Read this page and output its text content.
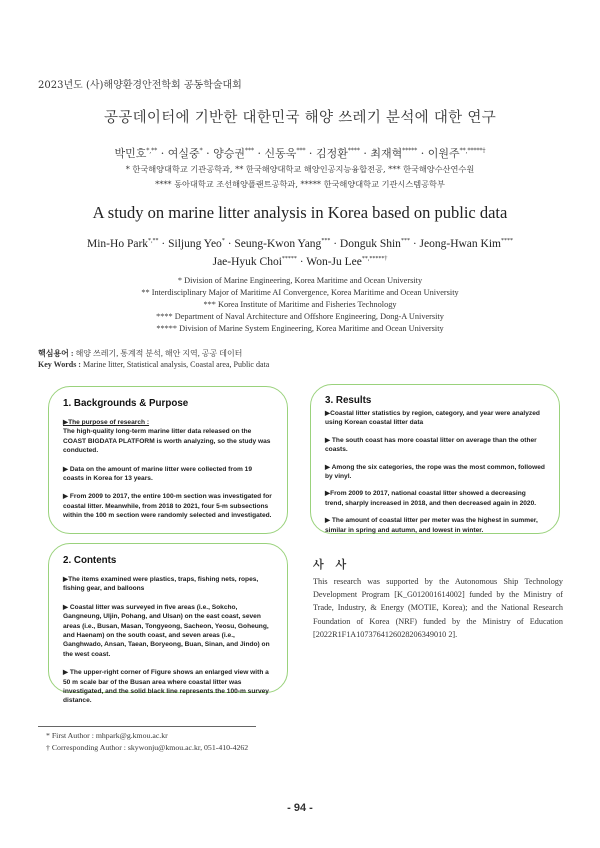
2023년도 (사)해양환경안전학회 공동학술대회
공공데이터에 기반한 대한민국 해양 쓰레기 분석에 대한 연구
박민호*,** · 여실중* · 양승권*** · 신동욱*** · 김정환**** · 최재혁***** · 이원주**,*****†
* 한국해양대학교 기관공학과, ** 한국해양대학교 해양인공지능융합전공, *** 한국해양수산연수원
**** 동아대학교 조선해양플랜트공학과, ***** 한국해양대학교 기관시스템공학부
A study on marine litter analysis in Korea based on public data
Min-Ho Park*,** · Siljung Yeo* · Seung-Kwon Yang*** · Donguk Shin*** · Jeong-Hwan Kim****
Jae-Hyuk Choi***** · Won-Ju Lee**,*****†
* Division of Marine Engineering, Korea Maritime and Ocean University
** Interdisciplinary Major of Maritime AI Convergence, Korea Maritime and Ocean University
*** Korea Institute of Maritime and Fisheries Technology
**** Department of Naval Architecture and Offshore Engineering, Dong-A University
***** Division of Marine System Engineering, Korea Maritime and Ocean University
핵심용어 : 해양 쓰레기, 통계적 분석, 해안 지역, 공공 데이터
Key Words : Marine litter, Statistical analysis, Coastal area, Public data
1. Backgrounds & Purpose

▶The purpose of research :
The high-quality long-term marine litter data released on the COAST BIGDATA PLATFORM is worth analyzing, so the study was conducted.

▶ Data on the amount of marine litter were collected from 19 coasts in Korea for 13 years.

▶ From 2009 to 2017, the entire 100-m section was investigated for coastal litter. Meanwhile, from 2018 to 2021, four 5-m subsections within the 100 m section were randomly selected and investigated.

2. Contents

▶The items examined were plastics, traps, fishing nets, ropes, fishing gear, and balloons

▶ Coastal litter was surveyed in five areas (i.e., Sokcho, Gangneung, Uljin, Pohang, and Ulsan) on the east coast, seven areas (i.e., Busan, Masan, Tongyeong, Sacheon, Yeosu, Goheung, and Haenam) on the south coast, and seven areas (i.e., Ganghwado, Ansan, Taean, Boryeong, Buan, Sinan, and Jindo) on the west coast.

▶ The upper-right corner of Figure shows an enlarged view with a 50 m scale bar of the Busan area where coastal litter was investigated, and the solid black line represents the 100-m survey distance.

3. Results

▶Coastal litter statistics by region, category, and year were analyzed using Korean coastal litter data

▶ The south coast has more coastal litter on average than the other coasts.

▶ Among the six categories, the rope was the most common, followed by vinyl.

▶From 2009 to 2017, national coastal litter showed a decreasing trend, sharply increased in 2018, and then decreased again in 2020.

▶ The amount of coastal litter per meter was the highest in summer, similar in spring and autumn, and lowest in winter.

사 사
This research was supported by the Autonomous Ship Technology Development Program [K_G012001614002] funded by the Ministry of Trade, Industry, & Energy (MOTIE, Korea); and the National Research Foundation of Korea (NRF) funded by the Ministry of Education [2022R1F1A1073764126028206349010 2].
* First Author : mhpark@g.kmou.ac.kr
† Corresponding Author : skywonju@kmou.ac.kr, 051-410-4262
- 94 -
